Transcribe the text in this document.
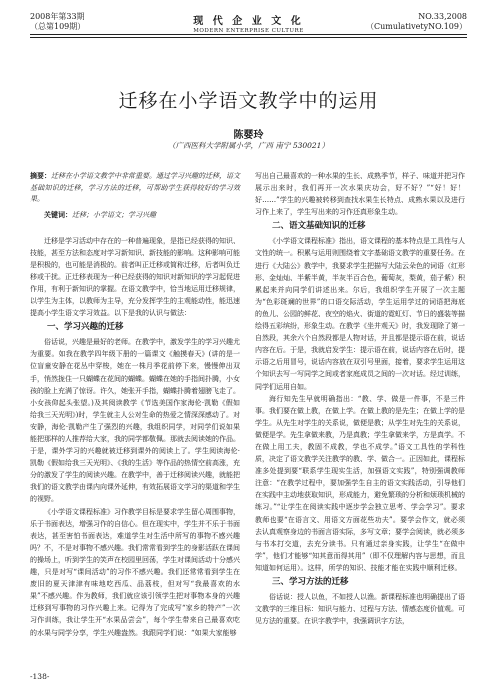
2008年第33期
（总第109期）	现 代 企 业 文 化
MODERN ENTERPRISE CULTURE
NO.33,2008
（CumulativetyNO.109）
迁移在小学语文教学中的运用
陈婴玲
（广西医科大学附属小学，广西 南宁 530021）

摘要：迁移在小学语文教学中非常重要。通过学习兴趣的迁移，语文基础知识的迁移，学习方法的迁移，可帮助学生获得较好的学习效果。

关键词：迁移；小学语文；学习兴趣

迁移是学习活动中存在的一种普遍现象，是指已经获得的知识、技能，甚至方法和态度对学习新知识、新技能的影响。这种影响可能是积极的，也可能是消极的。前者叫正迁移或简称迁移，后者叫负迁移或干扰。正迁移表现为一种已经获得的知识对新知识的学习起促进作用，有利于新知识的掌握。在语文教学中，恰当地运用迁移规律，以学生为主体，以教师为主导，充分发挥学生的主观能动性，能迅速提高小学生语文学习效益。以下是我的认识与做法：

一、学习兴趣的迁移

俗话说，兴趣是最好的老师。在教学中，激发学生的学习兴趣尤为重要。如我在教学四年级下册的一篇课文《触摸春天》(讲的是一位盲童安静在花丛中穿梭，她在一株月季花前停下来，慢慢伸出双手，悄然拢住一只蝴蝶在花间的蝴蝶。蝴蝶在她的手指间扑腾，小女孩的脸上充满了惊讶。许久，她张开手指，蝴蝶扑腾着翅膀飞走了。小女孩仰起头张望。)及其阅读教学《节选美国作家海伦·凯勒《假如给我三天光明》)时，学生就主人公对生命的热爱之情深深感动了。对安静，海伦·凯勒产生了强烈的兴趣，我组织同学，对同学们说如果能把那样的人推荐给大家，我的同学都敬佩。那就去阅读她的作品。于是，课外学习的兴趣就被迁移到课外的阅读上了。学生阅读海伦·凯勒《假如给我三天光明》、《我的生活》等作品的热情空前高涨，充分的激发了学生的阅读兴趣。在教学中，善于迁移阅读兴趣，就能把我们的语文教学由课内向课外延伸，有效拓展语文学习的渠道和学生的视野。

《小学语文课程标准》习作教学目标是要求学生留心周围事物，乐于书面表达，增强习作的自信心。但在现实中，学生并不乐于书面表达，甚至害怕书面表达，难道学生对生活中所写的事物不感兴趣吗？不，不是对事物不感兴趣。我们常常看到学生的身影活跃在课间的操场上，听到学生的笑声在校园里回荡，学生对课间活动十分感兴趣，只是对写“课间活动”的习作不感兴趣。我们还常常看到学生在废旧的夏天津津有味地吃西瓜、品荔枝，但对写“我最喜欢的水果”不感兴趣。作为教师，我们就应该引领学生把对事物本身的兴趣迁移到写事物的习作兴趣上来。记得为了完成写“家乡的特产”一次习作训练，我让学生开“水果品尝会”，每个学生带来自己最喜欢吃的水果与同学分享，学生兴趣盎然。我跟同学们说：“如果大家能够

写出自己最喜欢的一种水果的生长、成熟季节，样子、味道并把习作展示出来时，我们再开一次水果庆功会，好不好？”“好！好！好……”学生的兴趣被转移到查找水果生长特点、成熟水果以及进行习作上来了，学生写出来的习作还真形象生动。

二、语文基础知识的迁移

《小学语文课程标准》指出，语文课程的基本特点是工具性与人文性的统一。积累与运用则围绕着文字基础语文教学的重要任务。在进行《大陆公》教学中，我要求学生把描写大陆云朵色的词语（红形形、金灿灿、半紫半黄，半灰半百合色，葡萄灰，梨黄，茄子紫）积累起来并向同学们讲述出来。尔后，我组织学生开展了一次主题为“色彩斑斓的世界”的口语交际活动，学生运用学过的词语把海底的鱼儿、公园的鲜花、夜空的焰火、街道的霓虹灯、节日的盛装等描绘得五彩缤纷，形象生动。在教学《坐井观天》时，我发现除了第一自然段，其余六个自然段都是人物对话，并且都是提示语在前，说话内容在后。于是，我就启发学生：提示语在前，说话内容在后时，提示语之后用冒号，说话内容放在双引号里面，接着，要求学生运用这个知识去写一写同学之间或者家庭成员之间的一次对话。经过训练，同学们运用自如。

海行知先生早就明确指出：“教、学、做是一件事，不是三件事。我们要在做上教，在做上学。在做上教的是先生；在做上学的是学生。从先生对学生的关系说，做便是教；从学生对先生的关系说，做便是学。先生拿做来教，乃是真教；学生拿做来学，方是真学。不在做上用工夫，教固不成教，学也不成学。”语文工具性的学科性质，决定了语文教学关注教学的教、学、做合一。正因如此，课程标准多处提到要“联系学生现实生活，加强语文实践”，特别强调教师注意：“在教学过程中，要加强学生自主的语文实践活动，引导他们在实践中主动地获取知识，形成能力，避免繁琐的分析和烦琐机械的练习。”“让学生在阅读实践中逐步学会独立思考、学会学习”。要求教师也要“在语言文、用语文方面花些功夫”。要学会作文，就必须去认真观察身边的书面言语实际，多写文章；要学会阅读，就必须多与书本打交道，去充分读书。只有通过亲身实践，让学生“在做中学”，他们才能够“知其意而得其用”（即不仅理解内容与思想，而且知道如何运用）。这样，所学的知识、技能才能在实践中顺利迁移。

三、学习方法的迁移

俗话说：授人以鱼，不如授人以渔。新课程标准也明确提出了语文教学的三维目标：知识与能力、过程与方法、情感态度价值观。可见方法的重要。在识字教学中，我强调识字方法，

-138-
